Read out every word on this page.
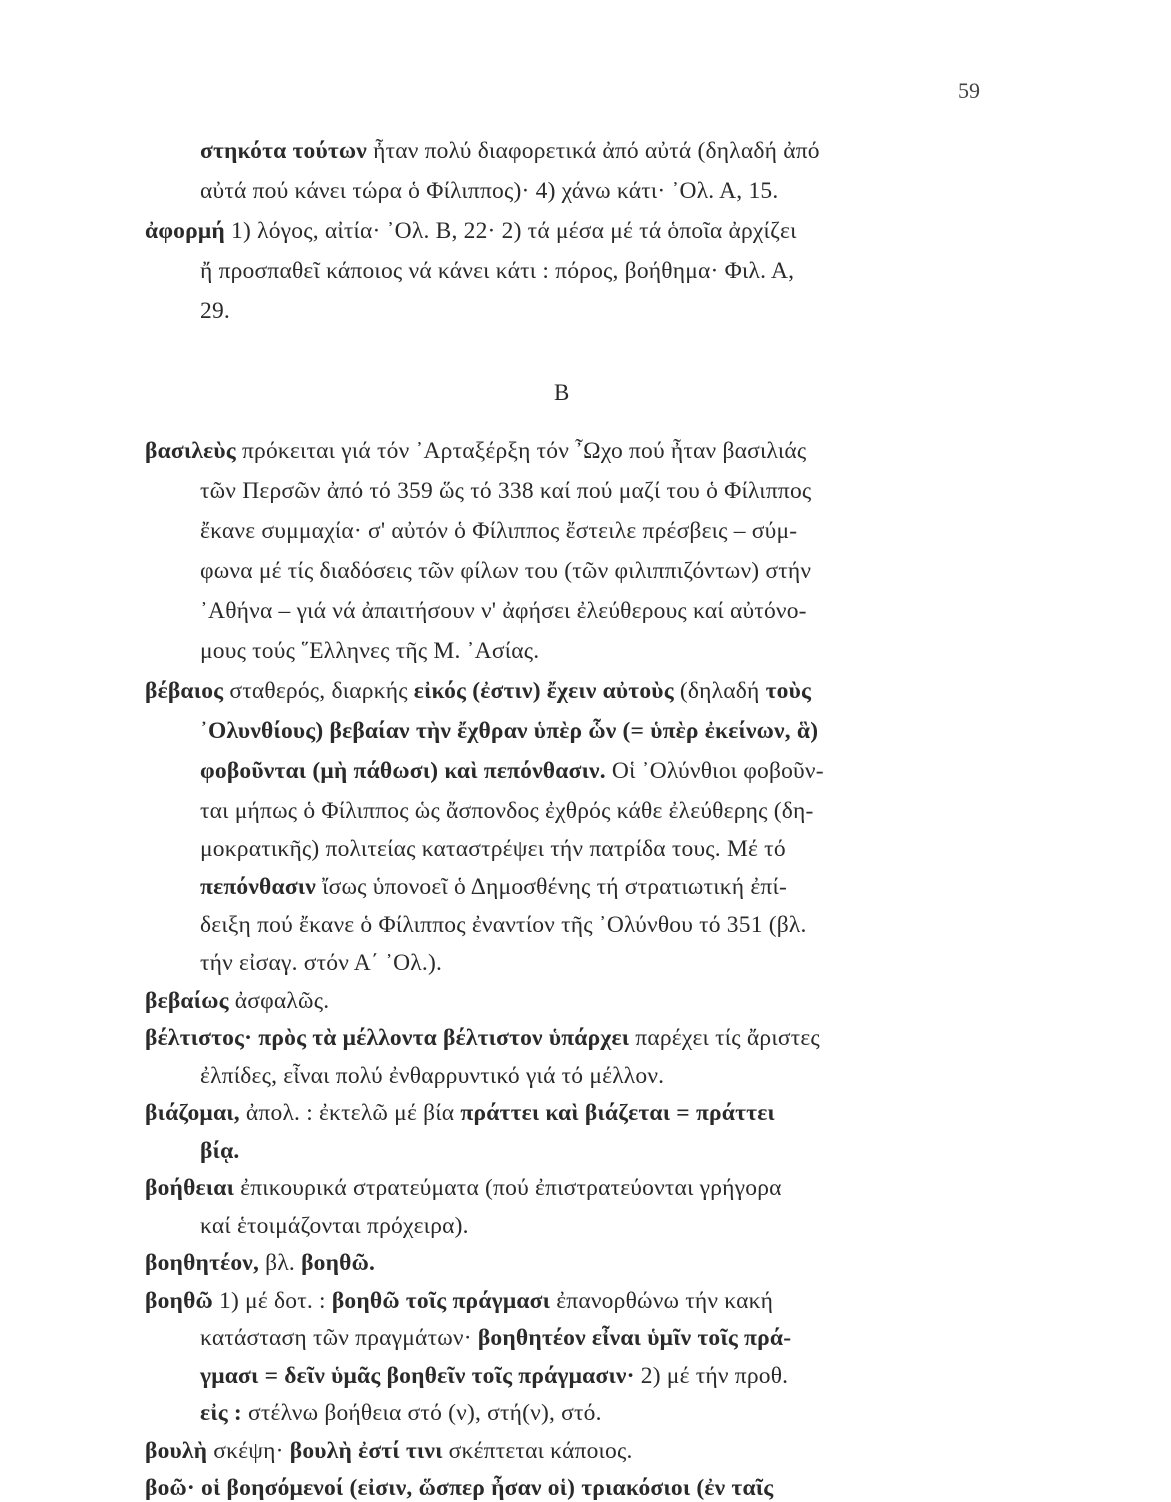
59
Β
στηκότα τούτων ἦταν πολύ διαφορετικά ἀπό αὐτά (δηλαδή ἀπό
αὐτά πού κάνει τώρα ὁ Φίλιππος)· 4) χάνω κάτι· ᾿Ολ. Α, 15.
ἀφορμή 1) λόγος, αἰτία· ᾿Ολ. Β, 22· 2) τά μέσα μέ τά ὁποῖα ἀρχίζει
ἤ προσπαθεῖ κάποιος νά κάνει κάτι : πόρος, βοήθημα· Φιλ. Α,
29.
βασιλεὺς πρόκειται γιά τόν ᾿Αρταξέρξη τόν ῏Ωχο πού ἦταν βασιλιάς
τῶν Περσῶν ἀπό τό 359 ὥς τό 338 καί πού μαζί του ὁ Φίλιππος
ἔκανε συμμαχία· σ' αὐτόν ὁ Φίλιππος ἔστειλε πρέσβεις – σύμ-
φωνα μέ τίς διαδόσεις τῶν φίλων του (τῶν φιλιππιζόντων) στήν
᾿Αθήνα – γιά νά ἀπαιτήσουν ν' ἀφήσει ἐλεύθερους καί αὐτόνο-
μους τούς ῞Ελληνες τῆς Μ. ᾿Ασίας.
βέβαιος σταθερός, διαρκής εἰκός (ἐστιν) ἔχειν αὐτοὺς (δηλαδή τοὺς
᾿Ολυνθίους) βεβαίαν τὴν ἔχθραν ὑπὲρ ὧν (= ὑπὲρ ἐκείνων, ἃ)
φοβοῦνται (μὴ πάθωσι) καὶ πεπόνθασιν. Οἱ ᾿Ολύνθιοι φοβοῦν-
ται μήπως ὁ Φίλιππος ὡς ἄσπονδος ἐχθρός κάθε ἐλεύθερης (δη-
μοκρατικῆς) πολιτείας καταστρέψει τήν πατρίδα τους. Μέ τό
πεπόνθασιν ἴσως ὑπονοεῖ ὁ Δημοσθένης τή στρατιωτική ἐπί-
δειξη πού ἔκανε ὁ Φίλιππος ἐναντίον τῆς ᾿Ολύνθου τό 351 (βλ.
τήν εἰσαγ. στόν Α΄ ᾿Ολ.).
βεβαίως ἀσφαλῶς.
βέλτιστος· πρὸς τὰ μέλλοντα βέλτιστον ὑπάρχει παρέχει τίς ἄριστες
ἐλπίδες, εἶναι πολύ ἐνθαρρυντικό γιά τό μέλλον.
βιάζομαι, ἀπολ. : ἐκτελῶ μέ βία πράττει καὶ βιάζεται = πράττει
βίᾳ.
βοήθειαι ἐπικουρικά στρατεύματα (πού ἐπιστρατεύονται γρήγορα
καί ἑτοιμάζονται πρόχειρα).
βοηθητέον, βλ. βοηθῶ.
βοηθῶ 1) μέ δοτ. : βοηθῶ τοῖς πράγμασι ἐπανορθώνω τήν κακή
κατάσταση τῶν πραγμάτων· βοηθητέον εἶναι ὑμῖν τοῖς πρά-
γμασι = δεῖν ὑμᾶς βοηθεῖν τοῖς πράγμασιν· 2) μέ τήν προθ.
εἰς : στέλνω βοήθεια στό (ν), στή(ν), στό.
βουλὴ σκέψη· βουλὴ ἐστί τινι σκέπτεται κάποιος.
βοῶ· οἱ βοησόμενοί (εἰσιν, ὥσπερ ἦσαν οἱ) τριακόσιοι (ἐν ταῖς
